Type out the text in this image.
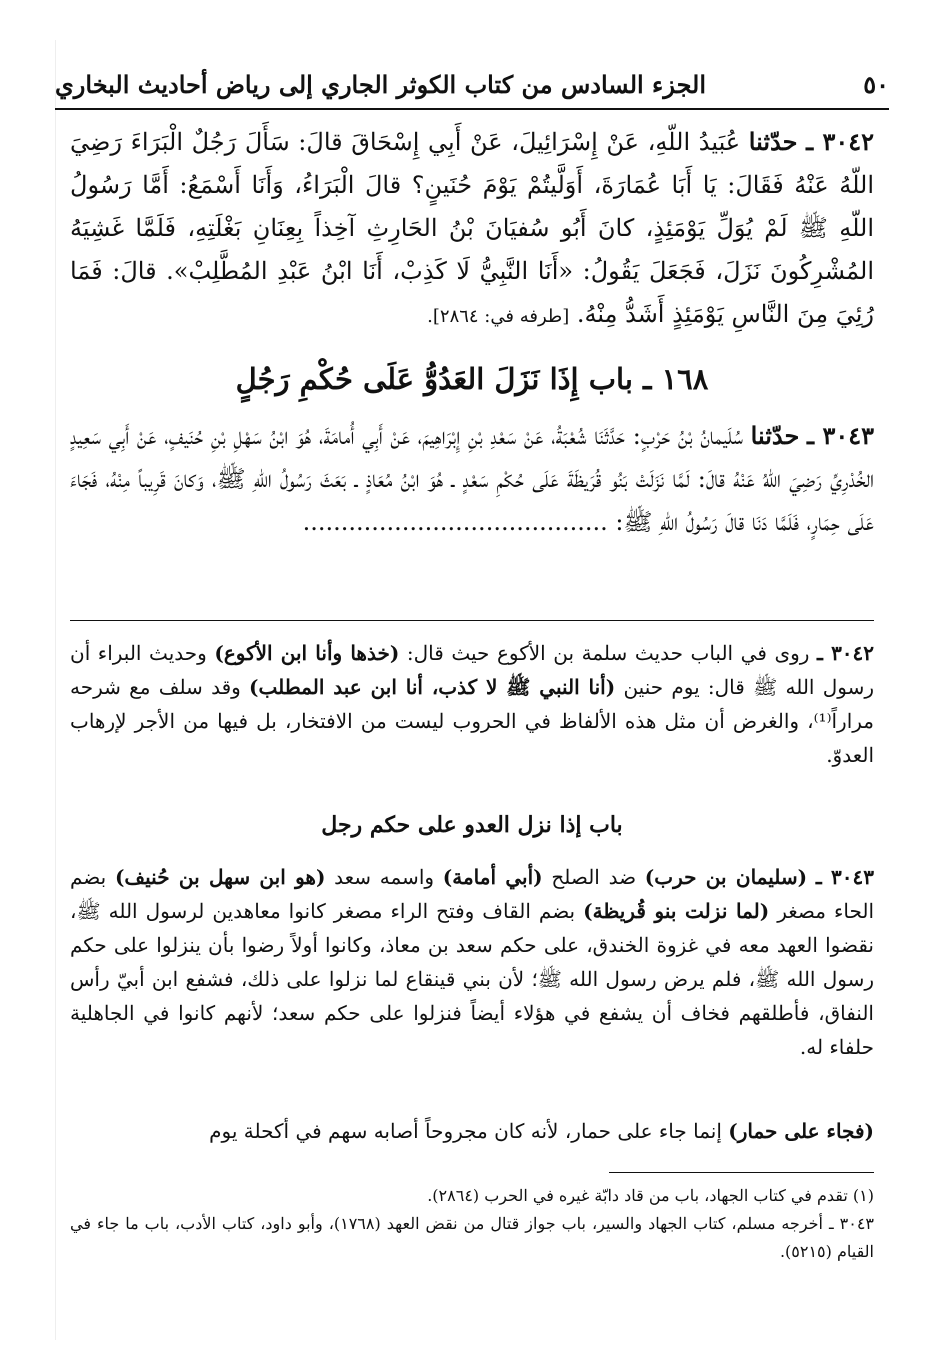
٥٠
الجزء السادس من كتاب الكوثر الجاري إلى رياض أحاديث البخاري
٣٠٤٢ ـ حدّثنا عُبَيدُ اللّهِ، عَنْ إِسْرَائِيلَ، عَنْ أَبِي إِسْحَاقَ قالَ: سَأَلَ رَجُلٌ الْبَرَاءَ رَضِيَ اللّهُ عَنْهُ فَقَالَ: يَا أَبَا عُمَارَةَ، أَوَلَّيتُمْ يَوْمَ حُنَينٍ؟ قالَ الْبَرَاءُ، وَأَنَا أَسْمَعُ: أَمَّا رَسُولُ اللّهِ ﷺ لَمْ يُوَلِّ يَوْمَئِذٍ، كانَ أَبُو سُفيَانَ بْنُ الحَارِثِ آخِذاً بِعِنَانِ بَغْلَتِهِ، فَلَمَّا غَشِيَهُ المُشْرِكُونَ نَزَلَ، فَجَعَلَ يَقُولُ: «أَنَا النَّبِيُّ لَا كَذِبْ، أَنَا ابْنُ عَبْدِ المُطَّلِبْ». قالَ: فَمَا رُئِيَ مِنَ النَّاسِ يَوْمَئِذٍ أَشَدُّ مِنْهُ. [طرفه في: ٢٨٦٤].
١٦٨ ـ باب إِذَا نَزَلَ العَدُوُّ عَلَى حُكْمِ رَجُلٍ
٣٠٤٣ ـ حدّثنا سُلَيمانُ بْنُ حَرْبٍ: حَدَّثَنَا شُعْبَةُ، عَنْ سَعْدِ بْنِ إِبْرَاهِيمَ، عَنْ أَبِي أُمامَةَ، هُوَ ابْنُ سَهْلِ بْنِ حُنَيفٍ، عَنْ أَبِي سَعِيدٍ الخُدْرِيِّ رَضِيَ اللّهُ عَنْهُ قالَ: لَمَّا نَزَلَتْ بَنُو قُرَيظَةَ عَلَى حُكْمِ سَعْدٍ ـ هُوَ ابْنُ مُعَاذٍ ـ بَعَثَ رَسُولُ اللّهِ ﷺ، وَكانَ قَرِيباً مِنْهُ، فَجَاءَ عَلَى حِمَارٍ، فَلَمَّا دَنَا قالَ رَسُولُ اللّهِ ﷺ: ........................................
٣٠٤٢ ـ روى في الباب حديث سلمة بن الأكوع حيث قال: (خذها وأنا ابن الأكوع) وحديث البراء أن رسول الله ﷺ قال: يوم حنين (أنا النبي ﷺ لا كذب، أنا ابن عبد المطلب) وقد سلف مع شرحه مراراً⁽¹⁾، والغرض أن مثل هذه الألفاظ في الحروب ليست من الافتخار، بل فيها من الأجر لإرهاب العدوّ.
باب إذا نزل العدو على حكم رجل
٣٠٤٣ ـ (سليمان بن حرب) ضد الصلح (أبي أمامة) واسمه سعد (هو ابن سهل بن حُنيف) بضم الحاء مصغر (لما نزلت بنو قُريظة) بضم القاف وفتح الراء مصغر كانوا معاهدين لرسول الله ﷺ، نقضوا العهد معه في غزوة الخندق، على حكم سعد بن معاذ، وكانوا أولاً رضوا بأن ينزلوا على حكم رسول الله ﷺ، فلم يرض رسول الله ﷺ؛ لأن بني قينقاع لما نزلوا على ذلك، فشفع ابن أبيّ رأس النفاق، فأطلقهم فخاف أن يشفع في هؤلاء أيضاً فنزلوا على حكم سعد؛ لأنهم كانوا في الجاهلية حلفاء له.
(فجاء على حمار) إنما جاء على حمار، لأنه كان مجروحاً أصابه سهم في أكحلة يوم

(١) تقدم في كتاب الجهاد، باب من قاد دابّة غيره في الحرب (٢٨٦٤).

٣٠٤٣ ـ أخرجه مسلم، كتاب الجهاد والسير، باب جواز قتال من نقض العهد (١٧٦٨)، وأبو داود، كتاب الأدب، باب ما جاء في القيام (٥٢١٥).
